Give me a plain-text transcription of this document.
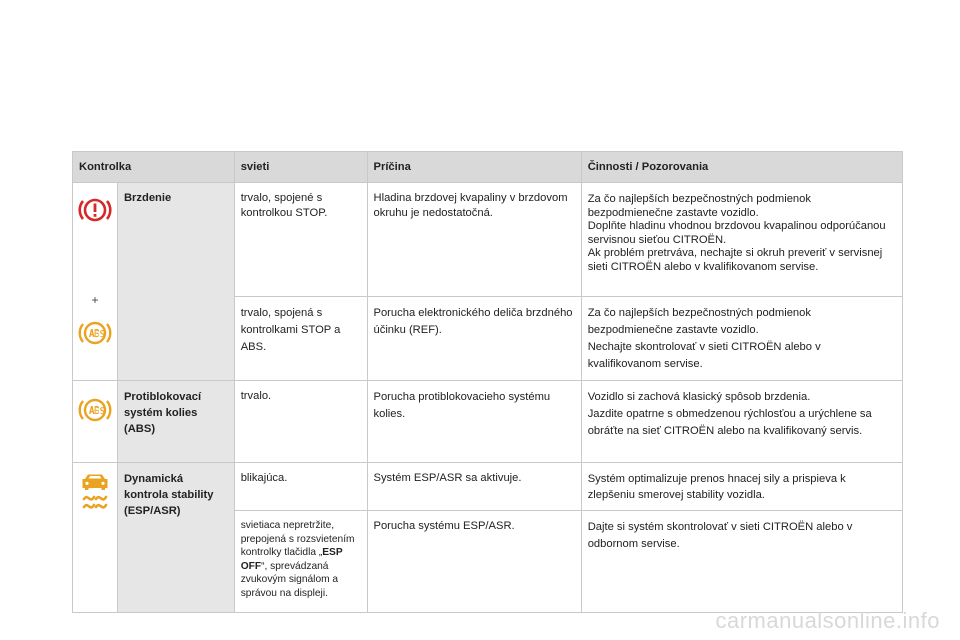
Kontrolka		svieti	Príčina	Činnosti / Pozorovania

+	Brzdenie	trvalo, spojené s kontrolkou STOP.	Hladina brzdovej kvapaliny v brzdovom okruhu je nedostatočná.	Za čo najlepších bezpečnostných podmienok bezpodmienečne zastavte vozidlo.
Doplňte hladinu vhodnou brzdovou kvapalinou odporúčanou servisnou sieťou CITROËN.
Ak problém pretrváva, nechajte si okruh preveriť v servisnej sieti CITROËN alebo v kvalifikovanom servise.

		trvalo, spojená s kontrolkami STOP a ABS.	Porucha elektronického deliča brzdného účinku (REF).	Za čo najlepších bezpečnostných podmienok bezpodmienečne zastavte vozidlo.
Nechajte skontrolovať v sieti CITROËN alebo v kvalifikovanom servise.

	Protiblokovací systém kolies (ABS)	trvalo.	Porucha protiblokovacieho systému kolies.	Vozidlo si zachová klasický spôsob brzdenia.
Jazdite opatrne s obmedzenou rýchlosťou a urýchlene sa obráťte na sieť CITROËN alebo na kvalifikovaný servis.

	Dynamická kontrola stability (ESP/ASR)	blikajúca.	Systém ESP/ASR sa aktivuje.	Systém optimalizuje prenos hnacej sily a prispieva k zlepšeniu smerovej stability vozidla.
		svietiaca nepretržite, prepojená s rozsvietením kontrolky tlačidla „ESP OFF“, sprevádzaná zvukovým signálom a správou na displeji.	Porucha systému ESP/ASR.	Dajte si systém skontrolovať v sieti CITROËN alebo v odbornom servise.
carmanualsonline.info
